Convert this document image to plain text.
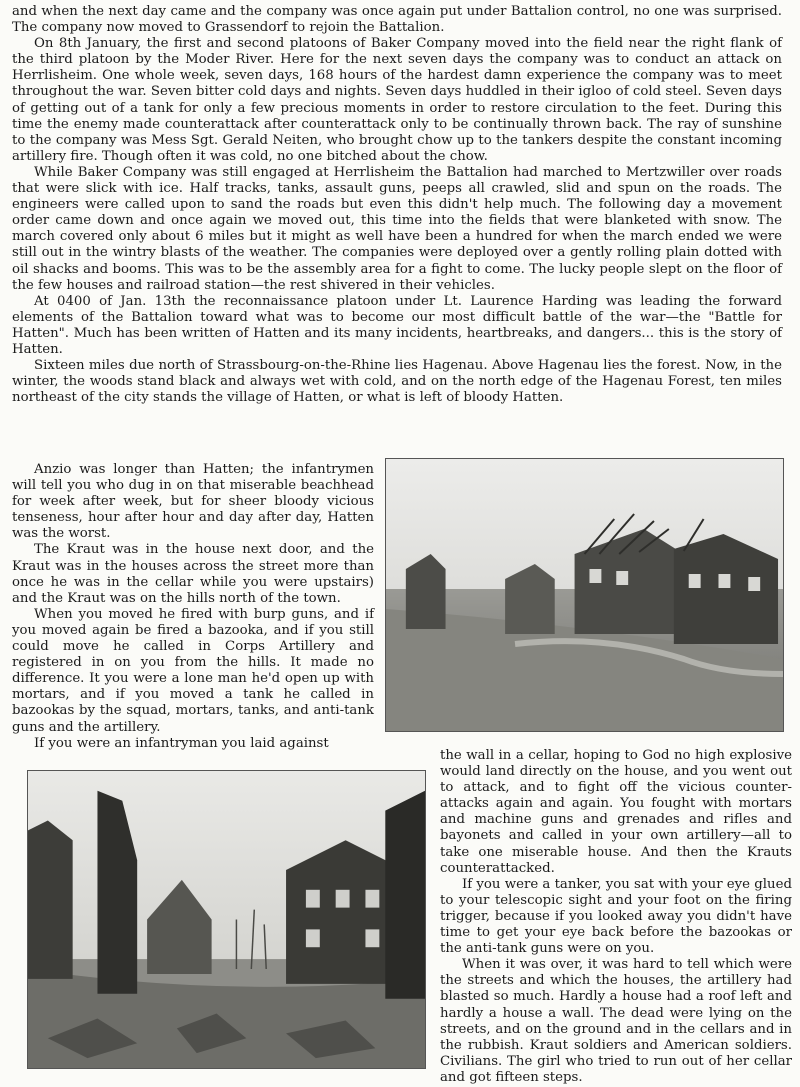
and when the next day came and the company was once again put under Battalion control, no one was surprised. The company now moved to Grassendorf to rejoin the Battalion.

On 8th January, the first and second platoons of Baker Company moved into the field near the right flank of the third platoon by the Moder River. Here for the next seven days the company was to conduct an attack on Herrlisheim. One whole week, seven days, 168 hours of the hardest damn experience the company was to meet throughout the war. Seven bitter cold days and nights. Seven days huddled in their igloo of cold steel. Seven days of getting out of a tank for only a few precious moments in order to restore circulation to the feet. During this time the enemy made counterattack after counterattack only to be continually thrown back. The ray of sunshine to the company was Mess Sgt. Gerald Neiten, who brought chow up to the tankers despite the constant incoming artillery fire. Though often it was cold, no one bitched about the chow.

While Baker Company was still engaged at Herrlisheim the Battalion had marched to Mertzwiller over roads that were slick with ice. Half tracks, tanks, assault guns, peeps all crawled, slid and spun on the roads. The engineers were called upon to sand the roads but even this didn't help much. The following day a movement order came down and once again we moved out, this time into the fields that were blanketed with snow. The march covered only about 6 miles but it might as well have been a hundred for when the march ended we were still out in the wintry blasts of the weather. The companies were deployed over a gently rolling plain dotted with oil shacks and booms. This was to be the assembly area for a fight to come. The lucky people slept on the floor of the few houses and railroad station—the rest shivered in their vehicles.

At 0400 of Jan. 13th the reconnaissance platoon under Lt. Laurence Harding was leading the forward elements of the Battalion toward what was to become our most difficult battle of the war—the "Battle for Hatten". Much has been written of Hatten and its many incidents, heartbreaks, and dangers... this is the story of Hatten.

Sixteen miles due north of Strassbourg-on-the-Rhine lies Hagenau. Above Hagenau lies the forest. Now, in the winter, the woods stand black and always wet with cold, and on the north edge of the Hagenau Forest, ten miles northeast of the city stands the village of Hatten, or what is left of bloody Hatten.

Anzio was longer than Hatten; the infantrymen will tell you who dug in on that miserable beachhead for week after week, but for sheer bloody vicious tenseness, hour after hour and day after day, Hatten was the worst.

The Kraut was in the house next door, and the Kraut was in the houses across the street more than once he was in the cellar while you were upstairs) and the Kraut was on the hills north of the town.

When you moved he fired with burp guns, and if you moved again be fired a bazooka, and if you still could move he called in Corps Artillery and registered in on you from the hills. It made no difference. It you were a lone man he'd open up with mortars, and if you moved a tank he called in bazookas by the squad, mortars, tanks, and anti-tank guns and the artillery.

If you were an infantryman you laid against

the wall in a cellar, hoping to God no high explosive would land directly on the house, and you went out to attack, and to fight off the vicious counter-attacks again and again. You fought with mortars and machine guns and grenades and rifles and bayonets and called in your own artillery—all to take one miserable house. And then the Krauts counterattacked.

If you were a tanker, you sat with your eye glued to your telescopic sight and your foot on the firing trigger, because if you looked away you didn't have time to get your eye back before the bazookas or the anti-tank guns were on you.

When it was over, it was hard to tell which were the streets and which the houses, the artillery had blasted so much. Hardly a house had a roof left and hardly a house a wall. The dead were lying on the streets, and on the ground and in the cellars and in the rubbish. Kraut soldiers and American soldiers. Civilians. The girl who tried to run out of her cellar and got fifteen steps.
